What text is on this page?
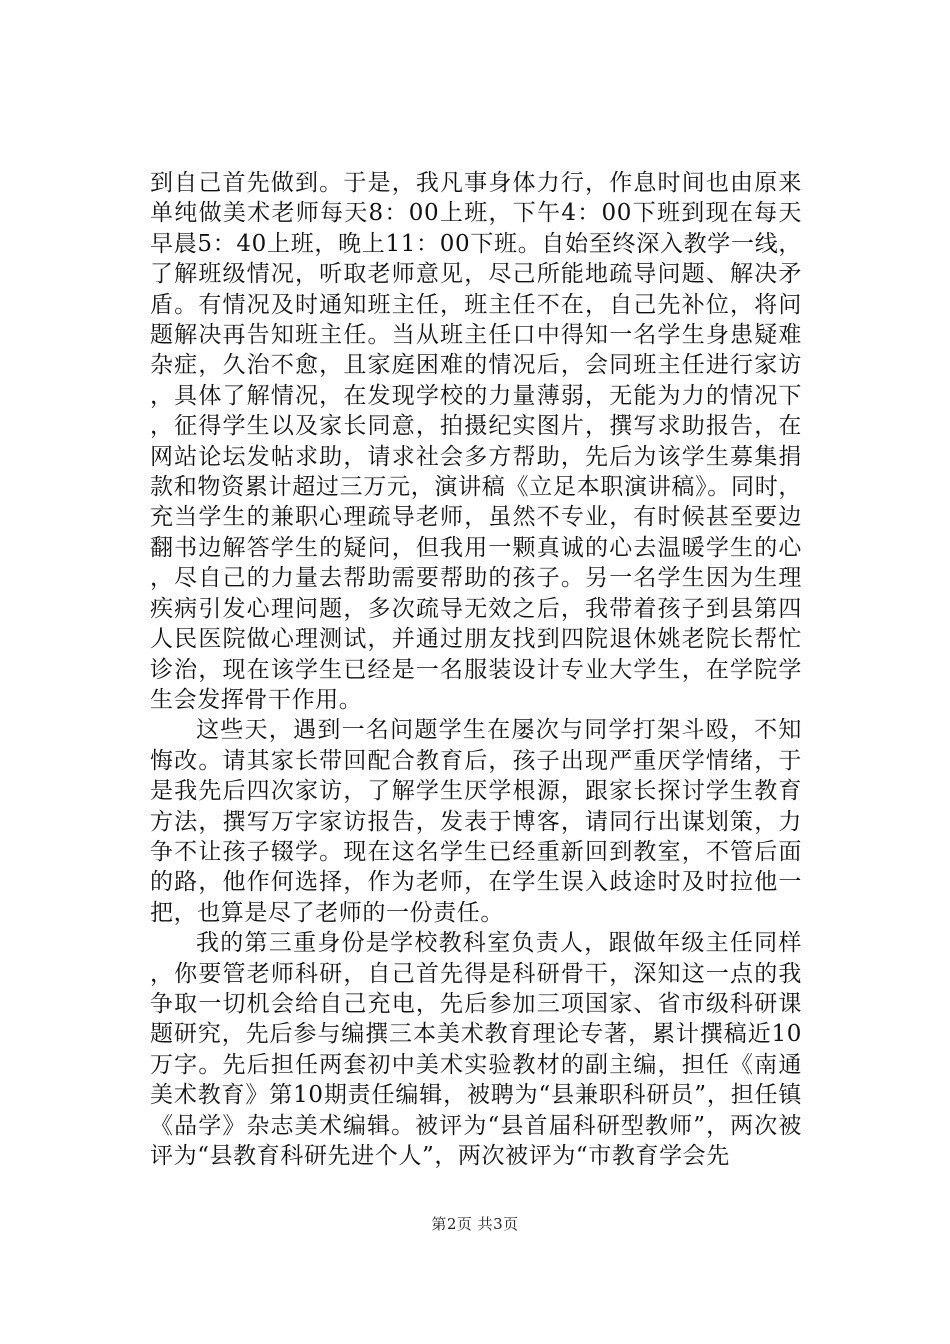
到自己首先做到。于是，我凡事身体力行，作息时间也由原来单纯做美术老师每天8：00上班，下午4：00下班到现在每天早晨5：40上班，晚上11：00下班。自始至终深入教学一线，了解班级情况，听取老师意见，尽己所能地疏导问题、解决矛盾。有情况及时通知班主任，班主任不在，自己先补位，将问题解决再告知班主任。当从班主任口中得知一名学生身患疑难杂症，久治不愈，且家庭困难的情况后，会同班主任进行家访，具体了解情况，在发现学校的力量薄弱，无能为力的情况下，征得学生以及家长同意，拍摄纪实图片，撰写求助报告，在网站论坛发帖求助，请求社会多方帮助，先后为该学生募集捐款和物资累计超过三万元，演讲稿《立足本职演讲稿》。同时，充当学生的兼职心理疏导老师，虽然不专业，有时候甚至要边翻书边解答学生的疑问，但我用一颗真诚的心去温暖学生的心，尽自己的力量去帮助需要帮助的孩子。另一名学生因为生理疾病引发心理问题，多次疏导无效之后，我带着孩子到县第四人民医院做心理测试，并通过朋友找到四院退休姚老院长帮忙诊治，现在该学生已经是一名服装设计专业大学生，在学院学生会发挥骨干作用。

这些天，遇到一名问题学生在屡次与同学打架斗殴，不知悔改。请其家长带回配合教育后，孩子出现严重厌学情绪，于是我先后四次家访，了解学生厌学根源，跟家长探讨学生教育方法，撰写万字家访报告，发表于博客，请同行出谋划策，力争不让孩子辍学。现在这名学生已经重新回到教室，不管后面的路，他作何选择，作为老师，在学生误入歧途时及时拉他一把，也算是尽了老师的一份责任。

我的第三重身份是学校教科室负责人，跟做年级主任同样，你要管老师科研，自己首先得是科研骨干，深知这一点的我争取一切机会给自己充电，先后参加三项国家、省市级科研课题研究，先后参与编撰三本美术教育理论专著，累计撰稿近10万字。先后担任两套初中美术实验教材的副主编，担任《南通美术教育》第10期责任编辑，被聘为“县兼职科研员”，担任镇《品学》杂志美术编辑。被评为“县首届科研型教师”，两次被评为“县教育科研先进个人”，两次被评为“市教育学会先

第2页 共3页
